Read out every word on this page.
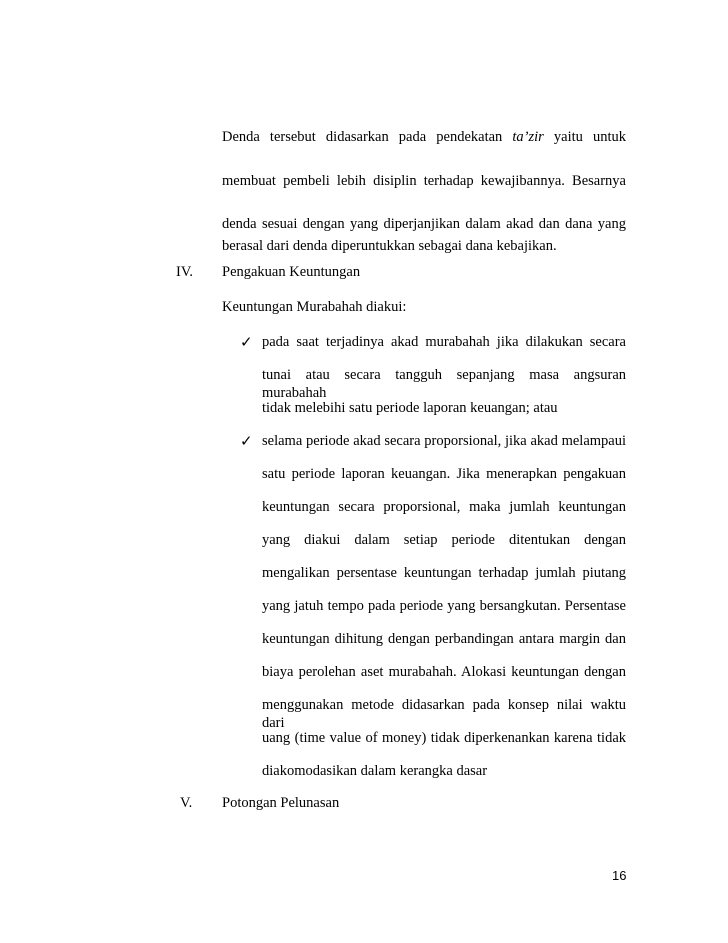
Denda tersebut didasarkan pada pendekatan ta’zir yaitu untuk
membuat pembeli lebih disiplin terhadap kewajibannya. Besarnya
denda sesuai dengan yang diperjanjikan dalam akad dan dana yang
berasal dari denda diperuntukkan sebagai dana kebajikan.
IV. Pengakuan Keuntungan
Keuntungan Murabahah diakui:
✓ pada saat terjadinya akad murabahah jika dilakukan secara
tunai atau secara tangguh sepanjang masa angsuran murabahah
tidak melebihi satu periode laporan keuangan; atau
✓ selama periode akad secara proporsional, jika akad melampaui
satu periode laporan keuangan. Jika menerapkan pengakuan
keuntungan secara proporsional, maka jumlah keuntungan
yang diakui dalam setiap periode ditentukan dengan
mengalikan persentase keuntungan terhadap jumlah piutang
yang jatuh tempo pada periode yang bersangkutan. Persentase
keuntungan dihitung dengan perbandingan antara margin dan
biaya perolehan aset murabahah. Alokasi keuntungan dengan
menggunakan metode didasarkan pada konsep nilai waktu dari
uang (time value of money) tidak diperkenankan karena tidak
diakomodasikan dalam kerangka dasar
V. Potongan Pelunasan
16
